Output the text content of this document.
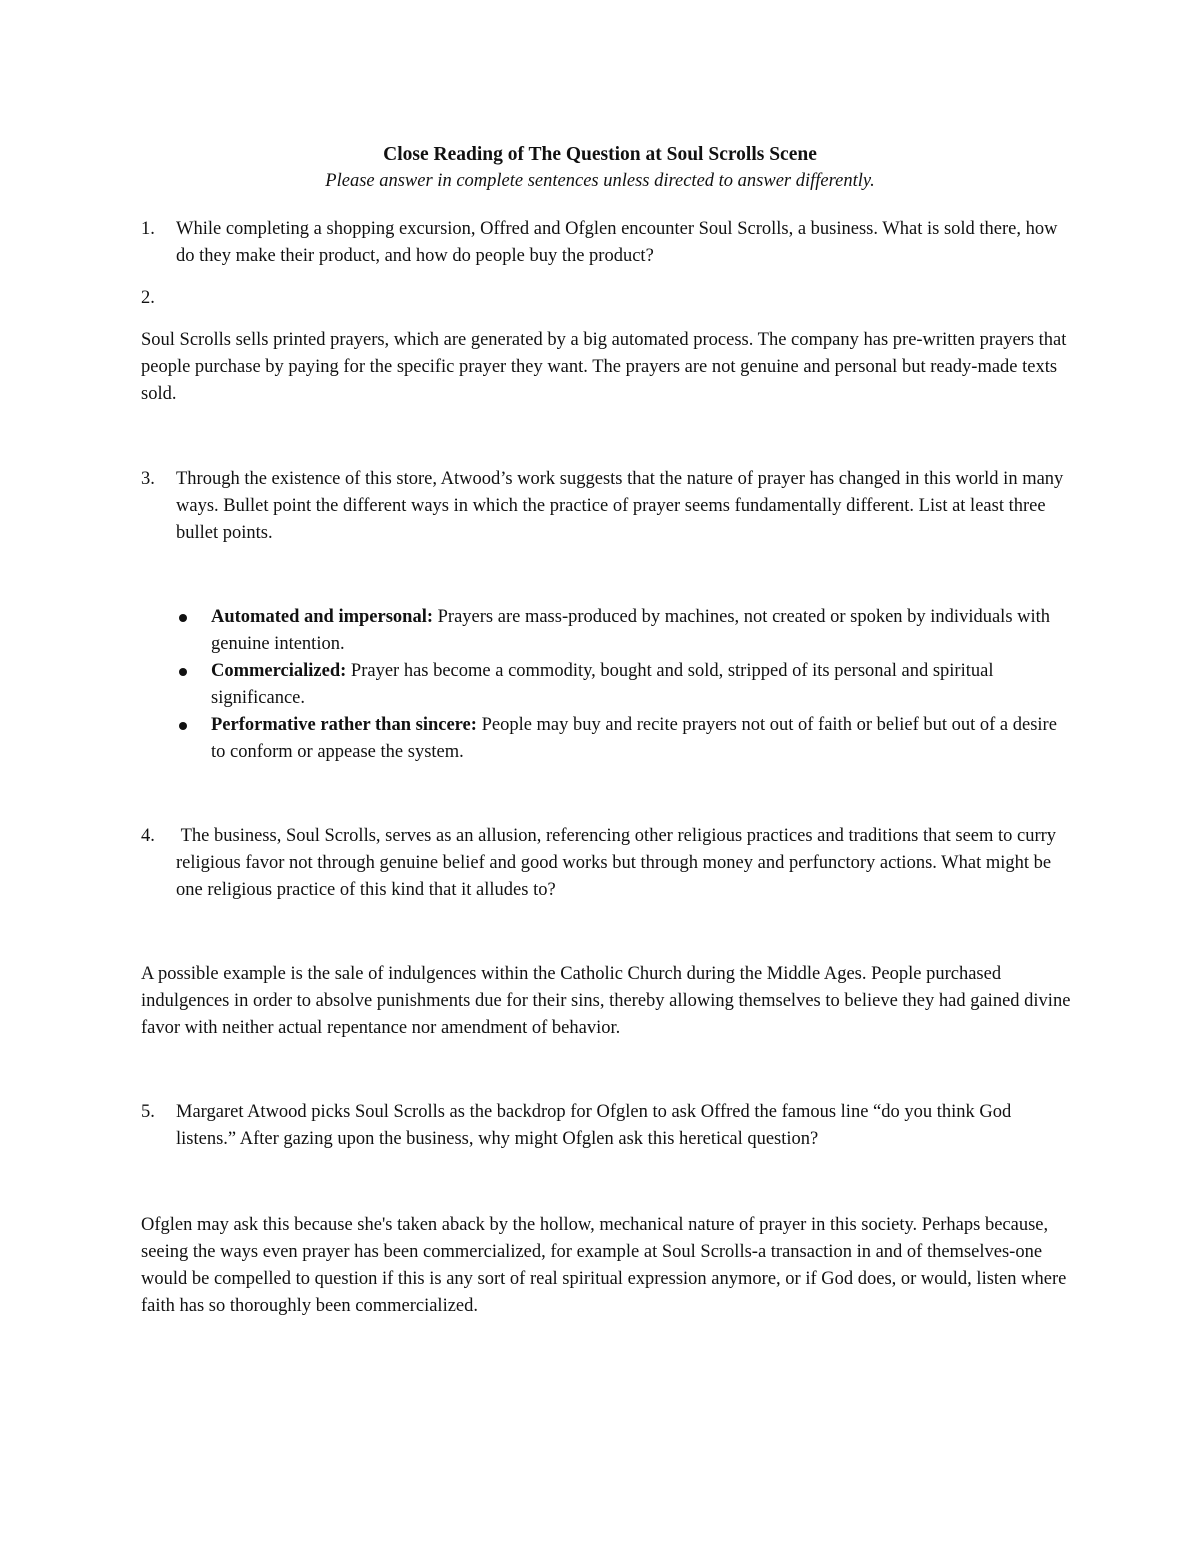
Close Reading of The Question at Soul Scrolls Scene
Please answer in complete sentences unless directed to answer differently.
1. While completing a shopping excursion, Offred and Ofglen encounter Soul Scrolls, a business. What is sold there, how do they make their product, and how do people buy the product?
2.
Soul Scrolls sells printed prayers, which are generated by a big automated process. The company has pre-written prayers that people purchase by paying for the specific prayer they want. The prayers are not genuine and personal but ready-made texts sold.
3. Through the existence of this store, Atwood’s work suggests that the nature of prayer has changed in this world in many ways. Bullet point the different ways in which the practice of prayer seems fundamentally different. List at least three bullet points.
Automated and impersonal: Prayers are mass-produced by machines, not created or spoken by individuals with genuine intention.
Commercialized: Prayer has become a commodity, bought and sold, stripped of its personal and spiritual significance.
Performative rather than sincere: People may buy and recite prayers not out of faith or belief but out of a desire to conform or appease the system.
4. The business, Soul Scrolls, serves as an allusion, referencing other religious practices and traditions that seem to curry religious favor not through genuine belief and good works but through money and perfunctory actions. What might be one religious practice of this kind that it alludes to?
A possible example is the sale of indulgences within the Catholic Church during the Middle Ages. People purchased indulgences in order to absolve punishments due for their sins, thereby allowing themselves to believe they had gained divine favor with neither actual repentance nor amendment of behavior.
5. Margaret Atwood picks Soul Scrolls as the backdrop for Ofglen to ask Offred the famous line “do you think God listens.” After gazing upon the business, why might Ofglen ask this heretical question?
Ofglen may ask this because she's taken aback by the hollow, mechanical nature of prayer in this society. Perhaps because, seeing the ways even prayer has been commercialized, for example at Soul Scrolls-a transaction in and of themselves-one would be compelled to question if this is any sort of real spiritual expression anymore, or if God does, or would, listen where faith has so thoroughly been commercialized.
